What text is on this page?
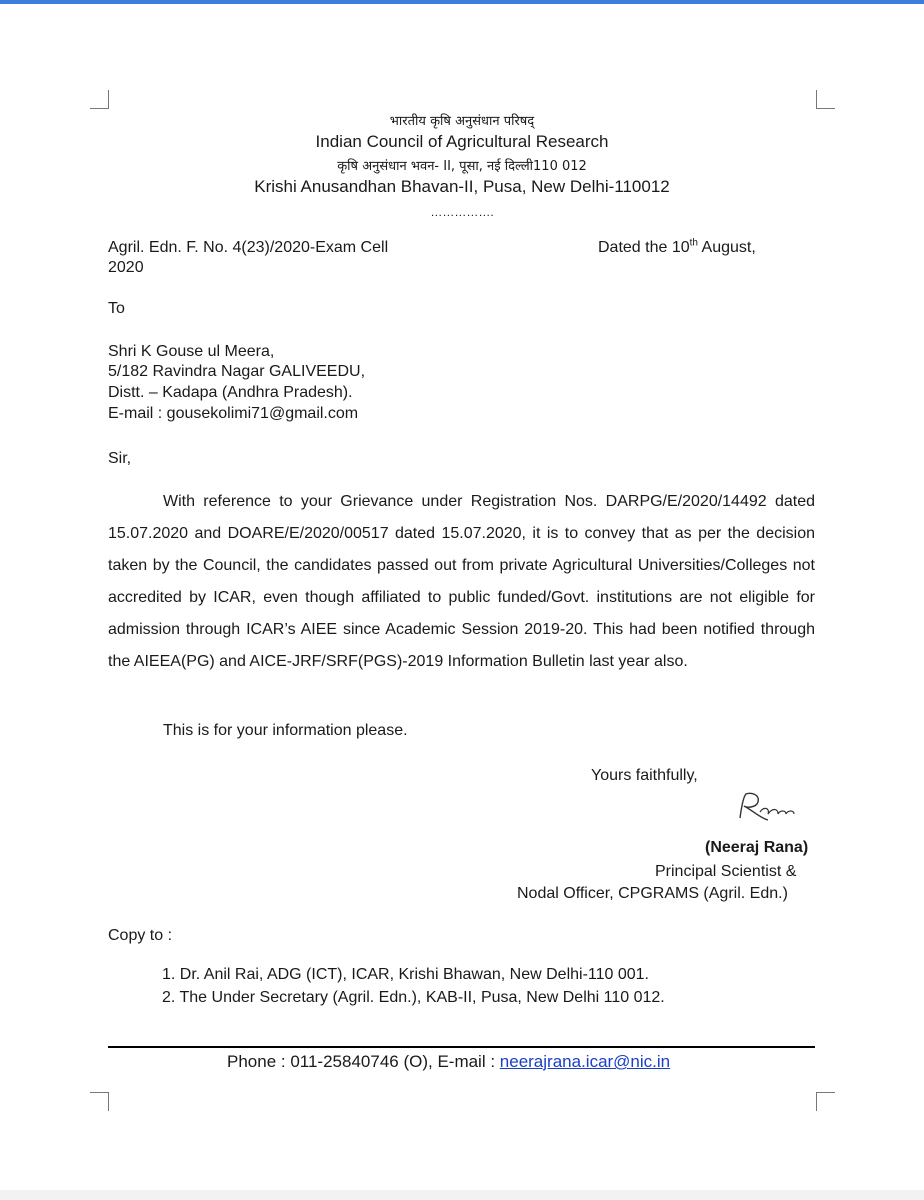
भारतीय कृषि अनुसंधान परिषद्
Indian Council of Agricultural Research
कृषि अनुसंधान भवन- II, पूसा, नई दिल्ली110 012
Krishi Anusandhan Bhavan-II, Pusa, New Delhi-110012
…………….
Agril. Edn. F. No. 4(23)/2020-Exam Cell	Dated the 10th August,
2020
To
Shri K Gouse ul Meera,
5/182 Ravindra Nagar GALIVEEDU,
Distt. – Kadapa (Andhra Pradesh).
E-mail : gousekolimi71@gmail.com
Sir,

With reference to your Grievance under Registration Nos. DARPG/E/2020/14492 dated 15.07.2020 and DOARE/E/2020/00517 dated 15.07.2020, it is to convey that as per the decision taken by the Council, the candidates passed out from private Agricultural Universities/Colleges not accredited by ICAR, even though affiliated to public funded/Govt. institutions are not eligible for admission through ICAR’s AIEE since Academic Session 2019-20. This had been notified through the AIEEA(PG) and AICE-JRF/SRF(PGS)-2019 Information Bulletin last year also.

This is for your information please.
Yours faithfully,
(Neeraj Rana)
Principal Scientist &
Nodal Officer, CPGRAMS (Agril. Edn.)
Copy to :
1. Dr. Anil Rai, ADG (ICT), ICAR, Krishi Bhawan, New Delhi-110 001.
2. The Under Secretary (Agril. Edn.), KAB-II, Pusa, New Delhi 110 012.
Phone : 011-25840746 (O), E-mail : neerajrana.icar@nic.in
